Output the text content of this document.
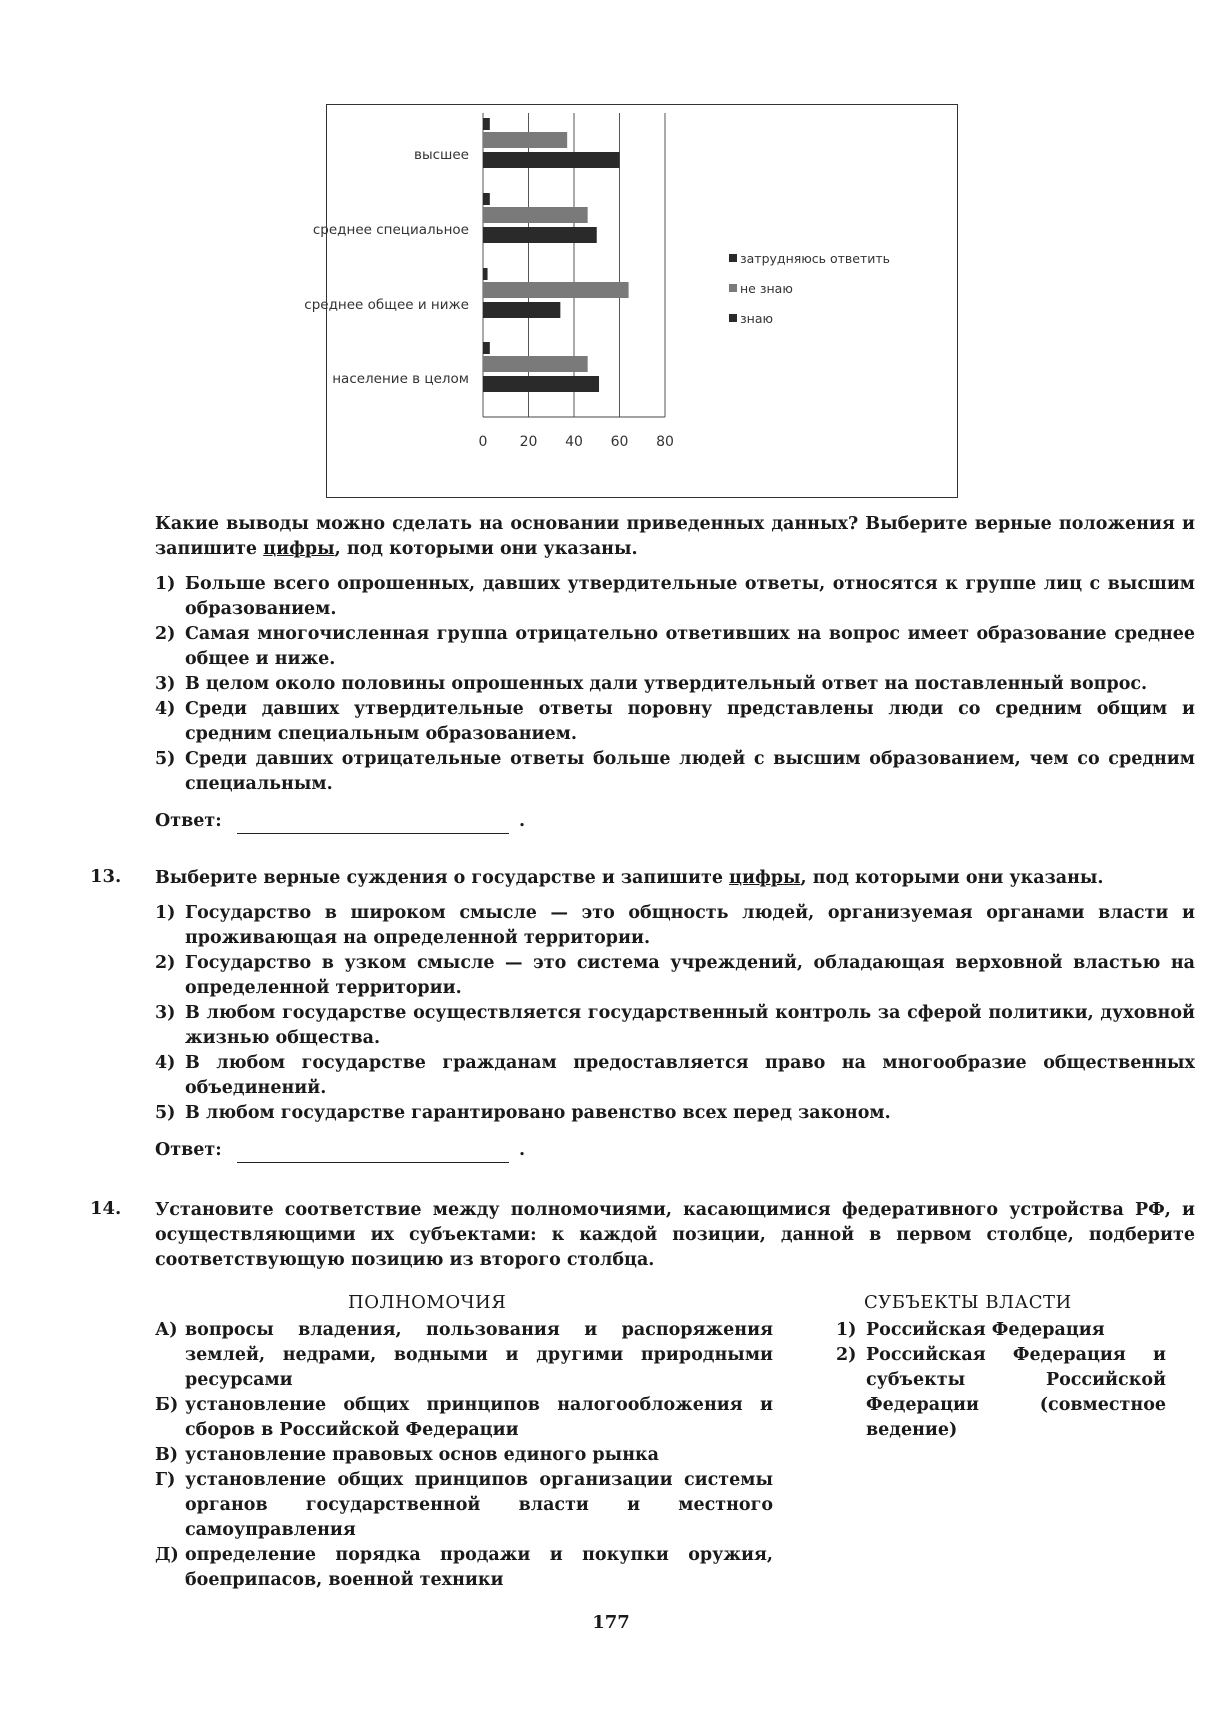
0 20 40 60 80
высшее
среднее специальное
среднее общее и ниже
население в целом
затрудняюсь ответить
не знаю
знаю

Какие выводы можно сделать на основании приведенных данных? Выберите верные положения и запишите цифры, под которыми они указаны.

1) Больше всего опрошенных, давших утвердительные ответы, относятся к группе лиц с высшим образованием.
2) Самая многочисленная группа отрицательно ответивших на вопрос имеет образование среднее общее и ниже.
3) В целом около половины опрошенных дали утвердительный ответ на поставленный вопрос.
4) Среди давших утвердительные ответы поровну представлены люди со средним общим и средним специальным образованием.
5) Среди давших отрицательные ответы больше людей с высшим образованием, чем со средним специальным.
Ответ:	.
13. Выберите верные суждения о государстве и запишите цифры, под которыми они указаны.

1) Государство в широком смысле — это общность людей, организуемая органами власти и проживающая на определенной территории.
2) Государство в узком смысле — это система учреждений, обладающая верховной властью на определенной территории.
3) В любом государстве осуществляется государственный контроль за сферой политики, духовной жизнью общества.
4) В любом государстве гражданам предоставляется право на многообразие общественных объединений.
5) В любом государстве гарантировано равенство всех перед законом.
Ответ:	.
14. Установите соответствие между полномочиями, касающимися федеративного устройства РФ, и осуществляющими их субъектами: к каждой позиции, данной в первом столбце, подберите соответствующую позицию из второго столбца.

ПОЛНОМОЧИЯ	СУБЪЕКТЫ ВЛАСТИ
А) вопросы владения, пользования и распоряжения землей, недрами, водными и другими природными ресурсами
Б) установление общих принципов налогообложения и сборов в Российской Федерации
В) установление правовых основ единого рынка
Г) установление общих принципов организации системы органов государственной власти и местного самоуправления
Д) определение порядка продажи и покупки оружия, боеприпасов, военной техники
1) Российская Федерация
2) Российская Федерация и субъекты Российской Федерации (совместное ведение)
177
